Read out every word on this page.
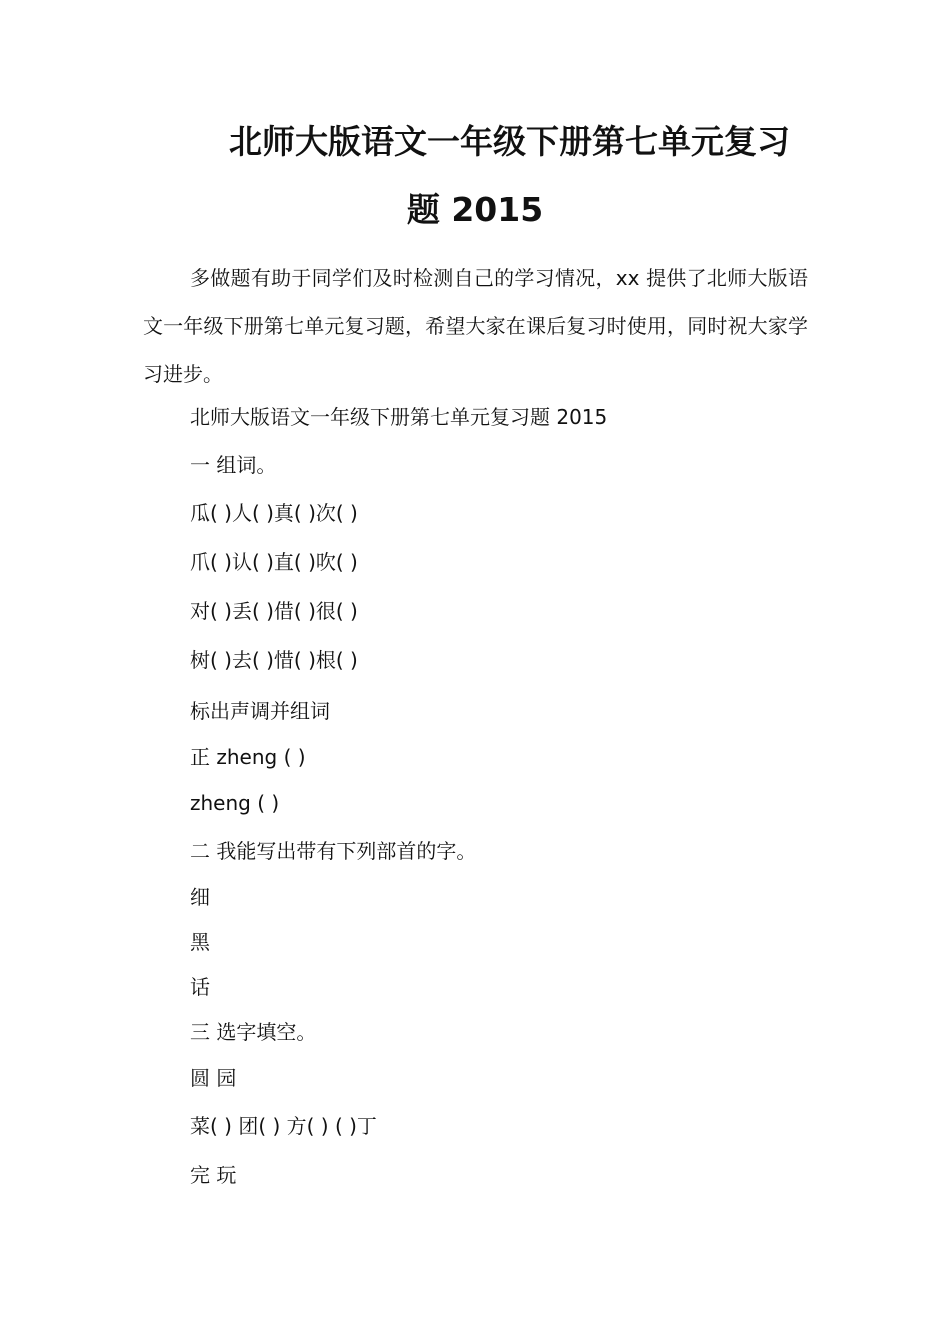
北师大版语文一年级下册第七单元复习
题 2015

多做题有助于同学们及时检测自己的学习情况，xx 提供了北师大版语文一年级下册第七单元复习题，希望大家在课后复习时使用，同时祝大家学习进步。

北师大版语文一年级下册第七单元复习题 2015

一 组词。

瓜( )人( )真( )次( )

爪( )认( )直( )吹( )

对( )丢( )借( )很( )

树( )去( )惜( )根( )

标出声调并组词

正 zheng ( )

zheng ( )

二 我能写出带有下列部首的字。

细

黑

话

三 选字填空。

圆 园

菜( ) 团( ) 方( ) ( )丁

完 玩
